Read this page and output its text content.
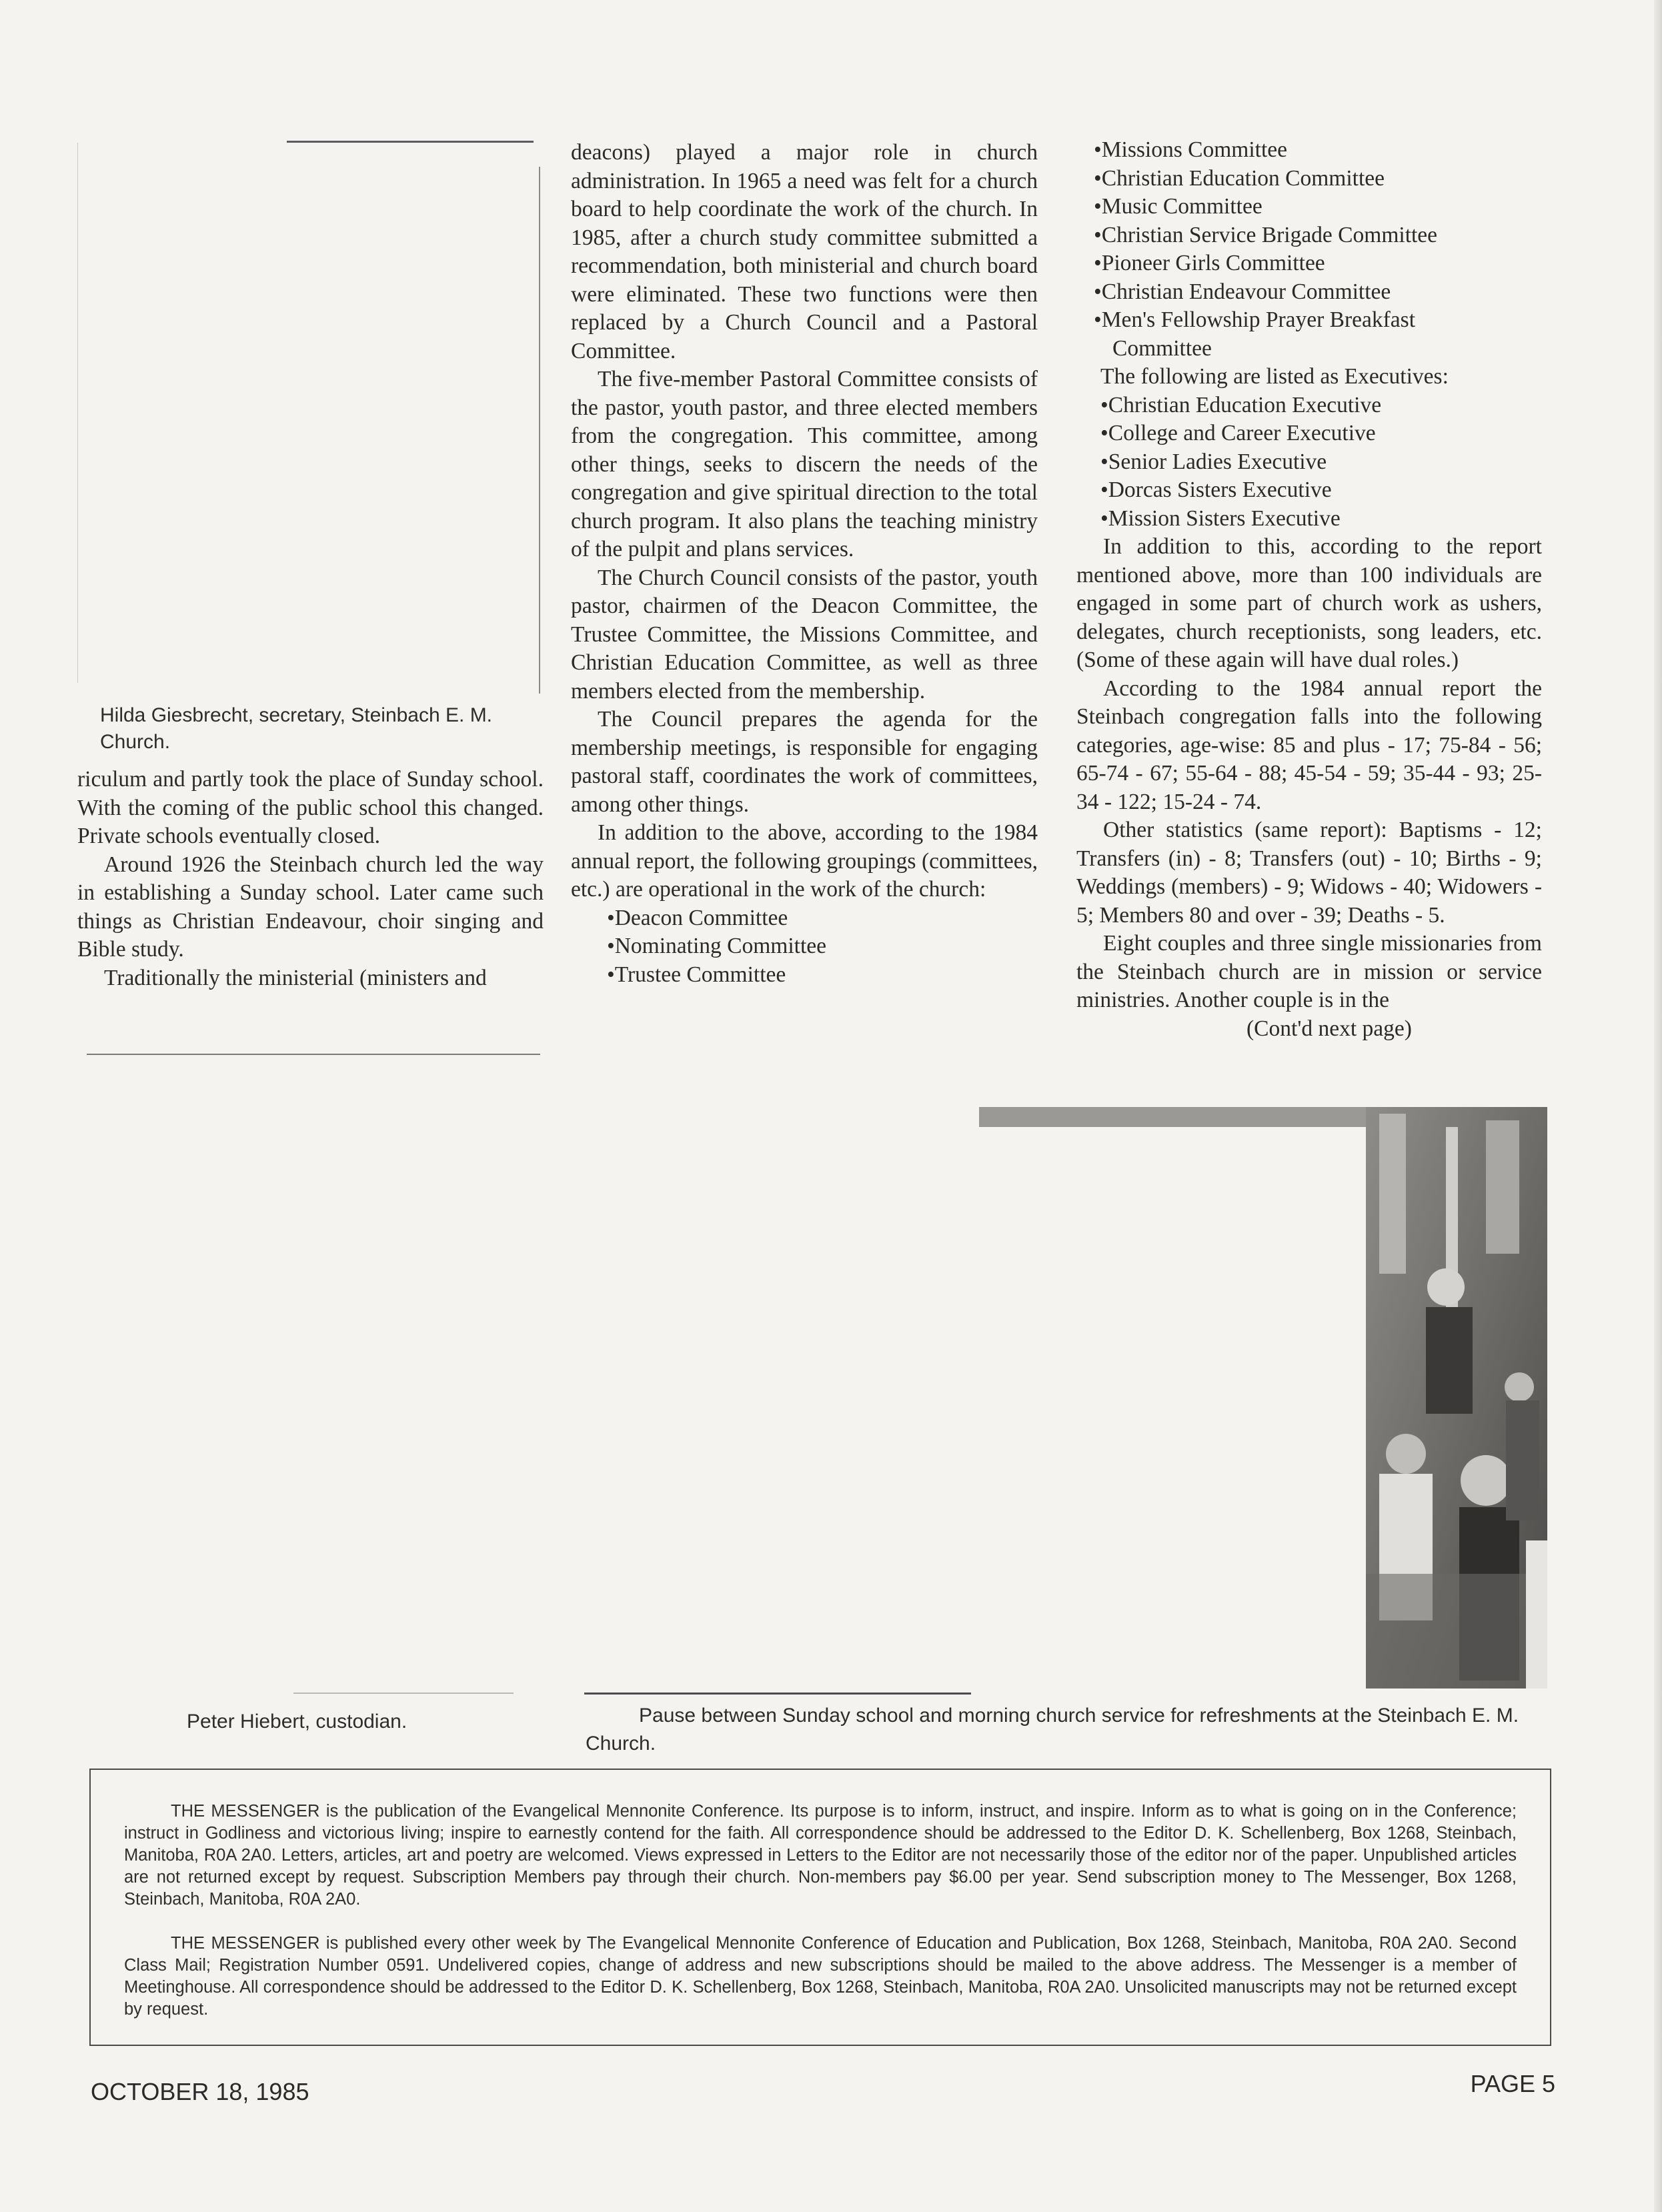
Hilda Giesbrecht, secretary, Steinbach E. M. Church.

riculum and partly took the place of Sunday school. With the coming of the public school this changed. Private schools eventually closed.

Around 1926 the Steinbach church led the way in establishing a Sunday school. Later came such things as Christian Endeavour, choir singing and Bible study.

Traditionally the ministerial (ministers and

deacons) played a major role in church administration. In 1965 a need was felt for a church board to help coordinate the work of the church. In 1985, after a church study committee submitted a recommendation, both ministerial and church board were eliminated. These two functions were then replaced by a Church Council and a Pastoral Committee.

The five-member Pastoral Committee consists of the pastor, youth pastor, and three elected members from the congregation. This committee, among other things, seeks to discern the needs of the congregation and give spiritual direction to the total church program. It also plans the teaching ministry of the pulpit and plans services.

The Church Council consists of the pastor, youth pastor, chairmen of the Deacon Committee, the Trustee Committee, the Missions Committee, and Christian Education Committee, as well as three members elected from the membership.

The Council prepares the agenda for the membership meetings, is responsible for engaging pastoral staff, coordinates the work of committees, among other things.

In addition to the above, according to the 1984 annual report, the following groupings (committees, etc.) are operational in the work of the church:

•Deacon Committee
•Nominating Committee
•Trustee Committee
•Missions Committee
•Christian Education Committee
•Music Committee
•Christian Service Brigade Committee
•Pioneer Girls Committee
•Christian Endeavour Committee
•Men's Fellowship Prayer Breakfast
Committee
The following are listed as Executives:
•Christian Education Executive
•College and Career Executive
•Senior Ladies Executive
•Dorcas Sisters Executive
•Mission Sisters Executive

In addition to this, according to the report mentioned above, more than 100 individuals are engaged in some part of church work as ushers, delegates, church receptionists, song leaders, etc. (Some of these again will have dual roles.)

According to the 1984 annual report the Steinbach congregation falls into the following categories, age-wise: 85 and plus - 17; 75-84 - 56; 65-74 - 67; 55-64 - 88; 45-54 - 59; 35-44 - 93; 25-34 - 122; 15-24 - 74.

Other statistics (same report): Baptisms - 12; Transfers (in) - 8; Transfers (out) - 10; Births - 9; Weddings (members) - 9; Widows - 40; Widowers - 5; Members 80 and over - 39; Deaths - 5.

Eight couples and three single missionaries from the Steinbach church are in mission or service ministries. Another couple is in the

(Cont'd next page)
Peter Hiebert, custodian.	Pause between Sunday school and morning church service for refreshments at the Steinbach E. M. Church.

THE MESSENGER is the publication of the Evangelical Mennonite Conference. Its purpose is to inform, instruct, and inspire. Inform as to what is going on in the Conference; instruct in Godliness and victorious living; inspire to earnestly contend for the faith. All correspondence should be addressed to the Editor D. K. Schellenberg, Box 1268, Steinbach, Manitoba, R0A 2A0. Letters, articles, art and poetry are welcomed. Views expressed in Letters to the Editor are not necessarily those of the editor nor of the paper. Unpublished articles are not returned except by request. Subscription Members pay through their church. Non-members pay $6.00 per year. Send subscription money to The Messenger, Box 1268, Steinbach, Manitoba, R0A 2A0.

THE MESSENGER is published every other week by The Evangelical Mennonite Conference of Education and Publication, Box 1268, Steinbach, Manitoba, R0A 2A0. Second Class Mail; Registration Number 0591. Undelivered copies, change of address and new subscriptions should be mailed to the above address. The Messenger is a member of Meetinghouse. All correspondence should be addressed to the Editor D. K. Schellenberg, Box 1268, Steinbach, Manitoba, R0A 2A0. Unsolicited manuscripts may not be returned except by request.

OCTOBER 18, 1985	PAGE 5
